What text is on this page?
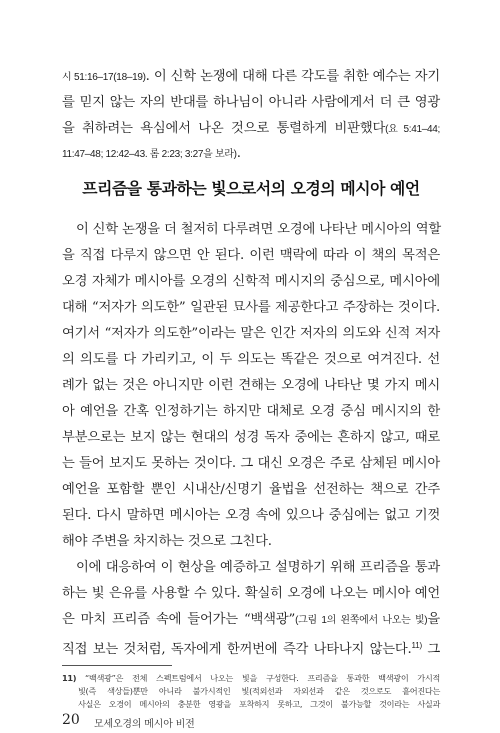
시 51:16–17(18–19). 이 신학 논쟁에 대해 다른 각도를 취한 예수는 자기
를 믿지 않는 자의 반대를 하나님이 아니라 사람에게서 더 큰 영광
을 취하려는 욕심에서 나온 것으로 통렬하게 비판했다(요 5:41–44;
11:47–48; 12:42–43. 롬 2:23; 3:27을 보라).
프리즘을 통과하는 빛으로서의 오경의 메시아 예언
이 신학 논쟁을 더 철저히 다루려면 오경에 나타난 메시아의 역할
을 직접 다루지 않으면 안 된다. 이런 맥락에 따라 이 책의 목적은
오경 자체가 메시아를 오경의 신학적 메시지의 중심으로, 메시아에
대해 “저자가 의도한” 일관된 묘사를 제공한다고 주장하는 것이다.
여기서 “저자가 의도한”이라는 말은 인간 저자의 의도와 신적 저자
의 의도를 다 가리키고, 이 두 의도는 똑같은 것으로 여겨진다. 선
례가 없는 것은 아니지만 이런 견해는 오경에 나타난 몇 가지 메시
아 예언을 간혹 인정하기는 하지만 대체로 오경 중심 메시지의 한
부분으로는 보지 않는 현대의 성경 독자 중에는 흔하지 않고, 때로
는 들어 보지도 못하는 것이다. 그 대신 오경은 주로 삼체된 메시아
예언을 포함할 뿐인 시내산/신명기 율법을 선전하는 책으로 간주
된다. 다시 말하면 메시아는 오경 속에 있으나 중심에는 없고 기껏
해야 주변을 차지하는 것으로 그친다.
이에 대응하여 이 현상을 예증하고 설명하기 위해 프리즘을 통과
하는 빛 은유를 사용할 수 있다. 확실히 오경에 나오는 메시아 예언
은 마치 프리즘 속에 들어가는 “백색광”(그림 1의 왼쪽에서 나오는 빛)을
직접 보는 것처럼, 독자에게 한꺼번에 즉각 나타나지 않는다.$^{11)}$ 그
11) “백색광”은 전체 스펙트럼에서 나오는 빛을 구성한다. 프리즘을 통과한 백색광이 가시적
빛(즉 색상들)뿐만 아니라 불가시적인 빛(적외선과 자외선과 같은 것으로도 흩어진다는
사실은 오경이 메시아의 충분한 영광을 포착하지 못하고, 그것이 불가능할 것이라는 사실과
20 모세오경의 메시아 비전
